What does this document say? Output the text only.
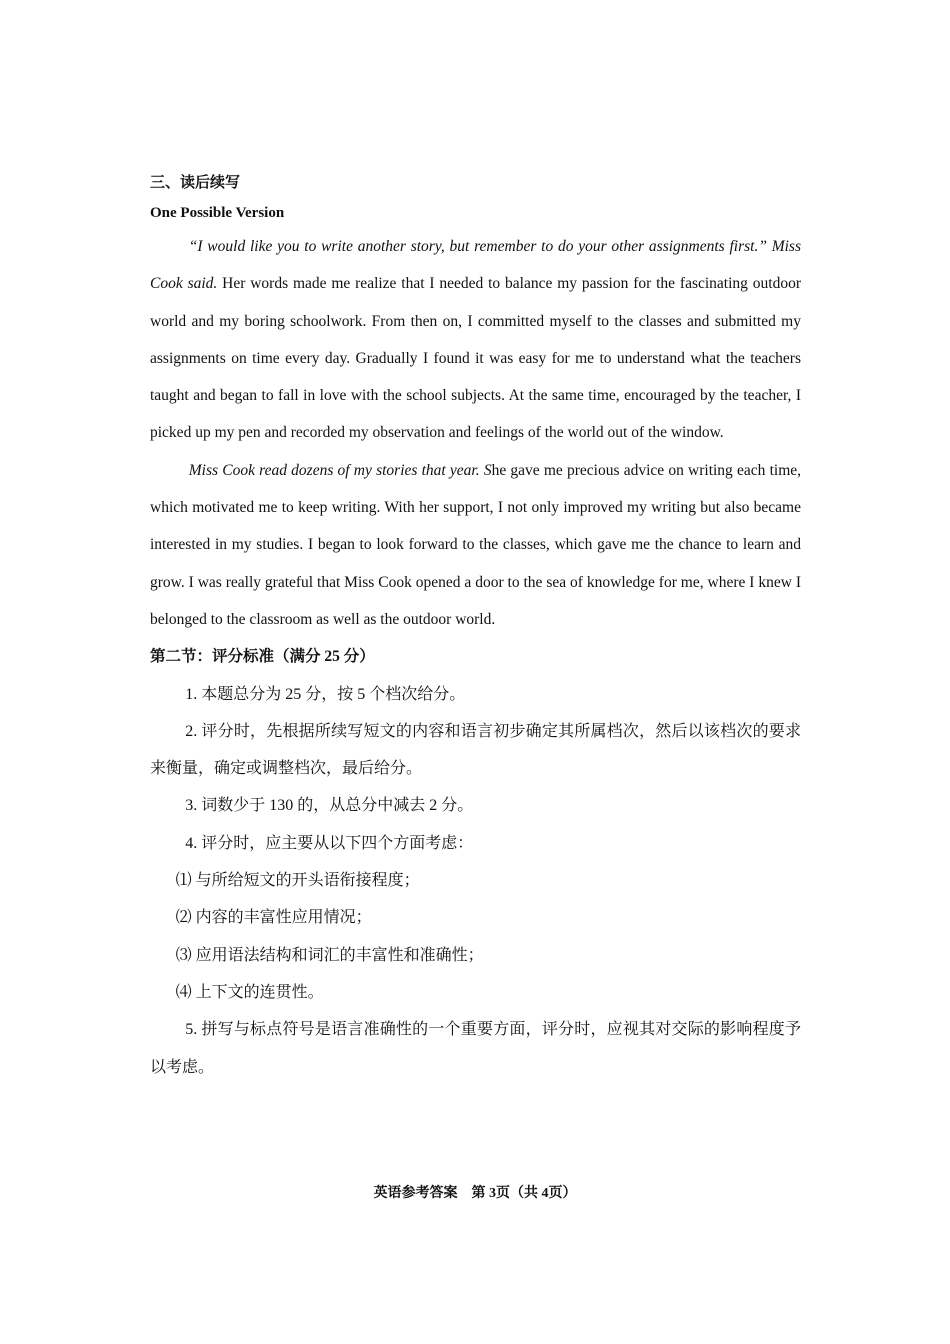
三、读后续写
One Possible Version

“I would like you to write another story, but remember to do your other assignments first.” Miss Cook said. Her words made me realize that I needed to balance my passion for the fascinating outdoor world and my boring schoolwork. From then on, I committed myself to the classes and submitted my assignments on time every day. Gradually I found it was easy for me to understand what the teachers taught and began to fall in love with the school subjects. At the same time, encouraged by the teacher, I picked up my pen and recorded my observation and feelings of the world out of the window.

Miss Cook read dozens of my stories that year. She gave me precious advice on writing each time, which motivated me to keep writing. With her support, I not only improved my writing but also became interested in my studies. I began to look forward to the classes, which gave me the chance to learn and grow. I was really grateful that Miss Cook opened a door to the sea of knowledge for me, where I knew I belonged to the classroom as well as the outdoor world.

第二节：评分标准（满分 25 分）

1. 本题总分为 25 分，按 5 个档次给分。

2. 评分时，先根据所续写短文的内容和语言初步确定其所属档次，然后以该档次的要求来衡量，确定或调整档次，最后给分。

3. 词数少于 130 的，从总分中减去 2 分。

4. 评分时，应主要从以下四个方面考虑：

⑴ 与所给短文的开头语衔接程度；

⑵ 内容的丰富性应用情况；

⑶ 应用语法结构和词汇的丰富性和准确性；

⑷ 上下文的连贯性。

5. 拼写与标点符号是语言准确性的一个重要方面，评分时，应视其对交际的影响程度予以考虑。

英语参考答案　第 3页（共 4页）
